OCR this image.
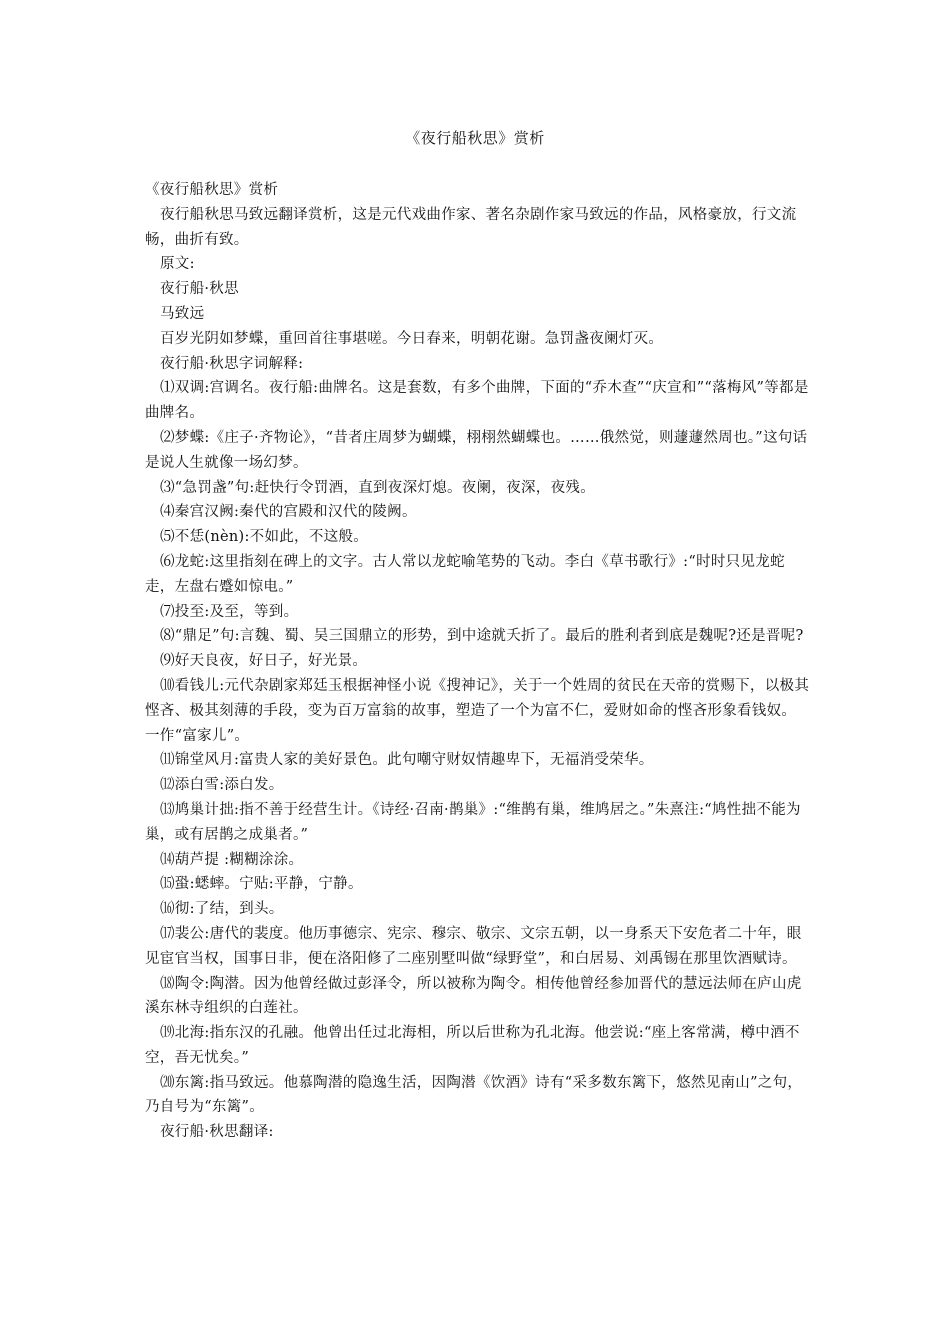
《夜行船秋思》赏析

《夜行船秋思》赏析

夜行船秋思马致远翻译赏析，这是元代戏曲作家、著名杂剧作家马致远的作品，风格豪放，行文流畅，曲折有致。

原文:

夜行船·秋思

马致远

百岁光阴如梦蝶，重回首往事堪嗟。今日春来，明朝花谢。急罚盏夜阑灯灭。

夜行船·秋思字词解释:

⑴双调:宫调名。夜行船:曲牌名。这是套数，有多个曲牌，下面的“乔木查”“庆宣和”“落梅风”等都是曲牌名。

⑵梦蝶:《庄子·齐物论》，“昔者庄周梦为蝴蝶，栩栩然蝴蝶也。……俄然觉，则蘧蘧然周也。”这句话是说人生就像一场幻梦。

⑶“急罚盏”句:赶快行令罚酒，直到夜深灯熄。夜阑，夜深，夜残。

⑷秦宫汉阙:秦代的宫殿和汉代的陵阙。

⑸不恁(nèn):不如此，不这般。

⑹龙蛇:这里指刻在碑上的文字。古人常以龙蛇喻笔势的飞动。李白《草书歌行》:“时时只见龙蛇走，左盘右蹙如惊电。”

⑺投至:及至，等到。

⑻“鼎足”句:言魏、蜀、吴三国鼎立的形势，到中途就夭折了。最后的胜利者到底是魏呢?还是晋呢?

⑼好天良夜，好日子，好光景。

⑽看钱儿:元代杂剧家郑廷玉根据神怪小说《搜神记》，关于一个姓周的贫民在天帝的赏赐下，以极其悭吝、极其刻薄的手段，变为百万富翁的故事，塑造了一个为富不仁，爱财如命的悭吝形象看钱奴。一作“富家儿”。

⑾锦堂风月:富贵人家的美好景色。此句嘲守财奴情趣卑下，无福消受荣华。

⑿添白雪:添白发。

⒀鸠巢计拙:指不善于经营生计。《诗经·召南·鹊巢》:“维鹊有巢，维鸠居之。”朱熹注:“鸠性拙不能为巢，或有居鹊之成巢者。”

⒁葫芦提 :糊糊涂涂。

⒂蛩:蟋蟀。宁贴:平静，宁静。

⒃彻:了结，到头。

⒄裴公:唐代的裴度。他历事德宗、宪宗、穆宗、敬宗、文宗五朝，以一身系天下安危者二十年，眼见宦官当权，国事日非，便在洛阳修了二座别墅叫做“绿野堂”，和白居易、刘禹锡在那里饮酒赋诗。

⒅陶令:陶潜。因为他曾经做过彭泽令，所以被称为陶令。相传他曾经参加晋代的慧远法师在庐山虎溪东林寺组织的白莲社。

⒆北海:指东汉的孔融。他曾出任过北海相，所以后世称为孔北海。他尝说:“座上客常满，樽中酒不空，吾无忧矣。”

⒇东篱:指马致远。他慕陶潜的隐逸生活，因陶潜《饮酒》诗有“采多数东篱下，悠然见南山”之句，乃自号为“东篱”。

夜行船·秋思翻译:
